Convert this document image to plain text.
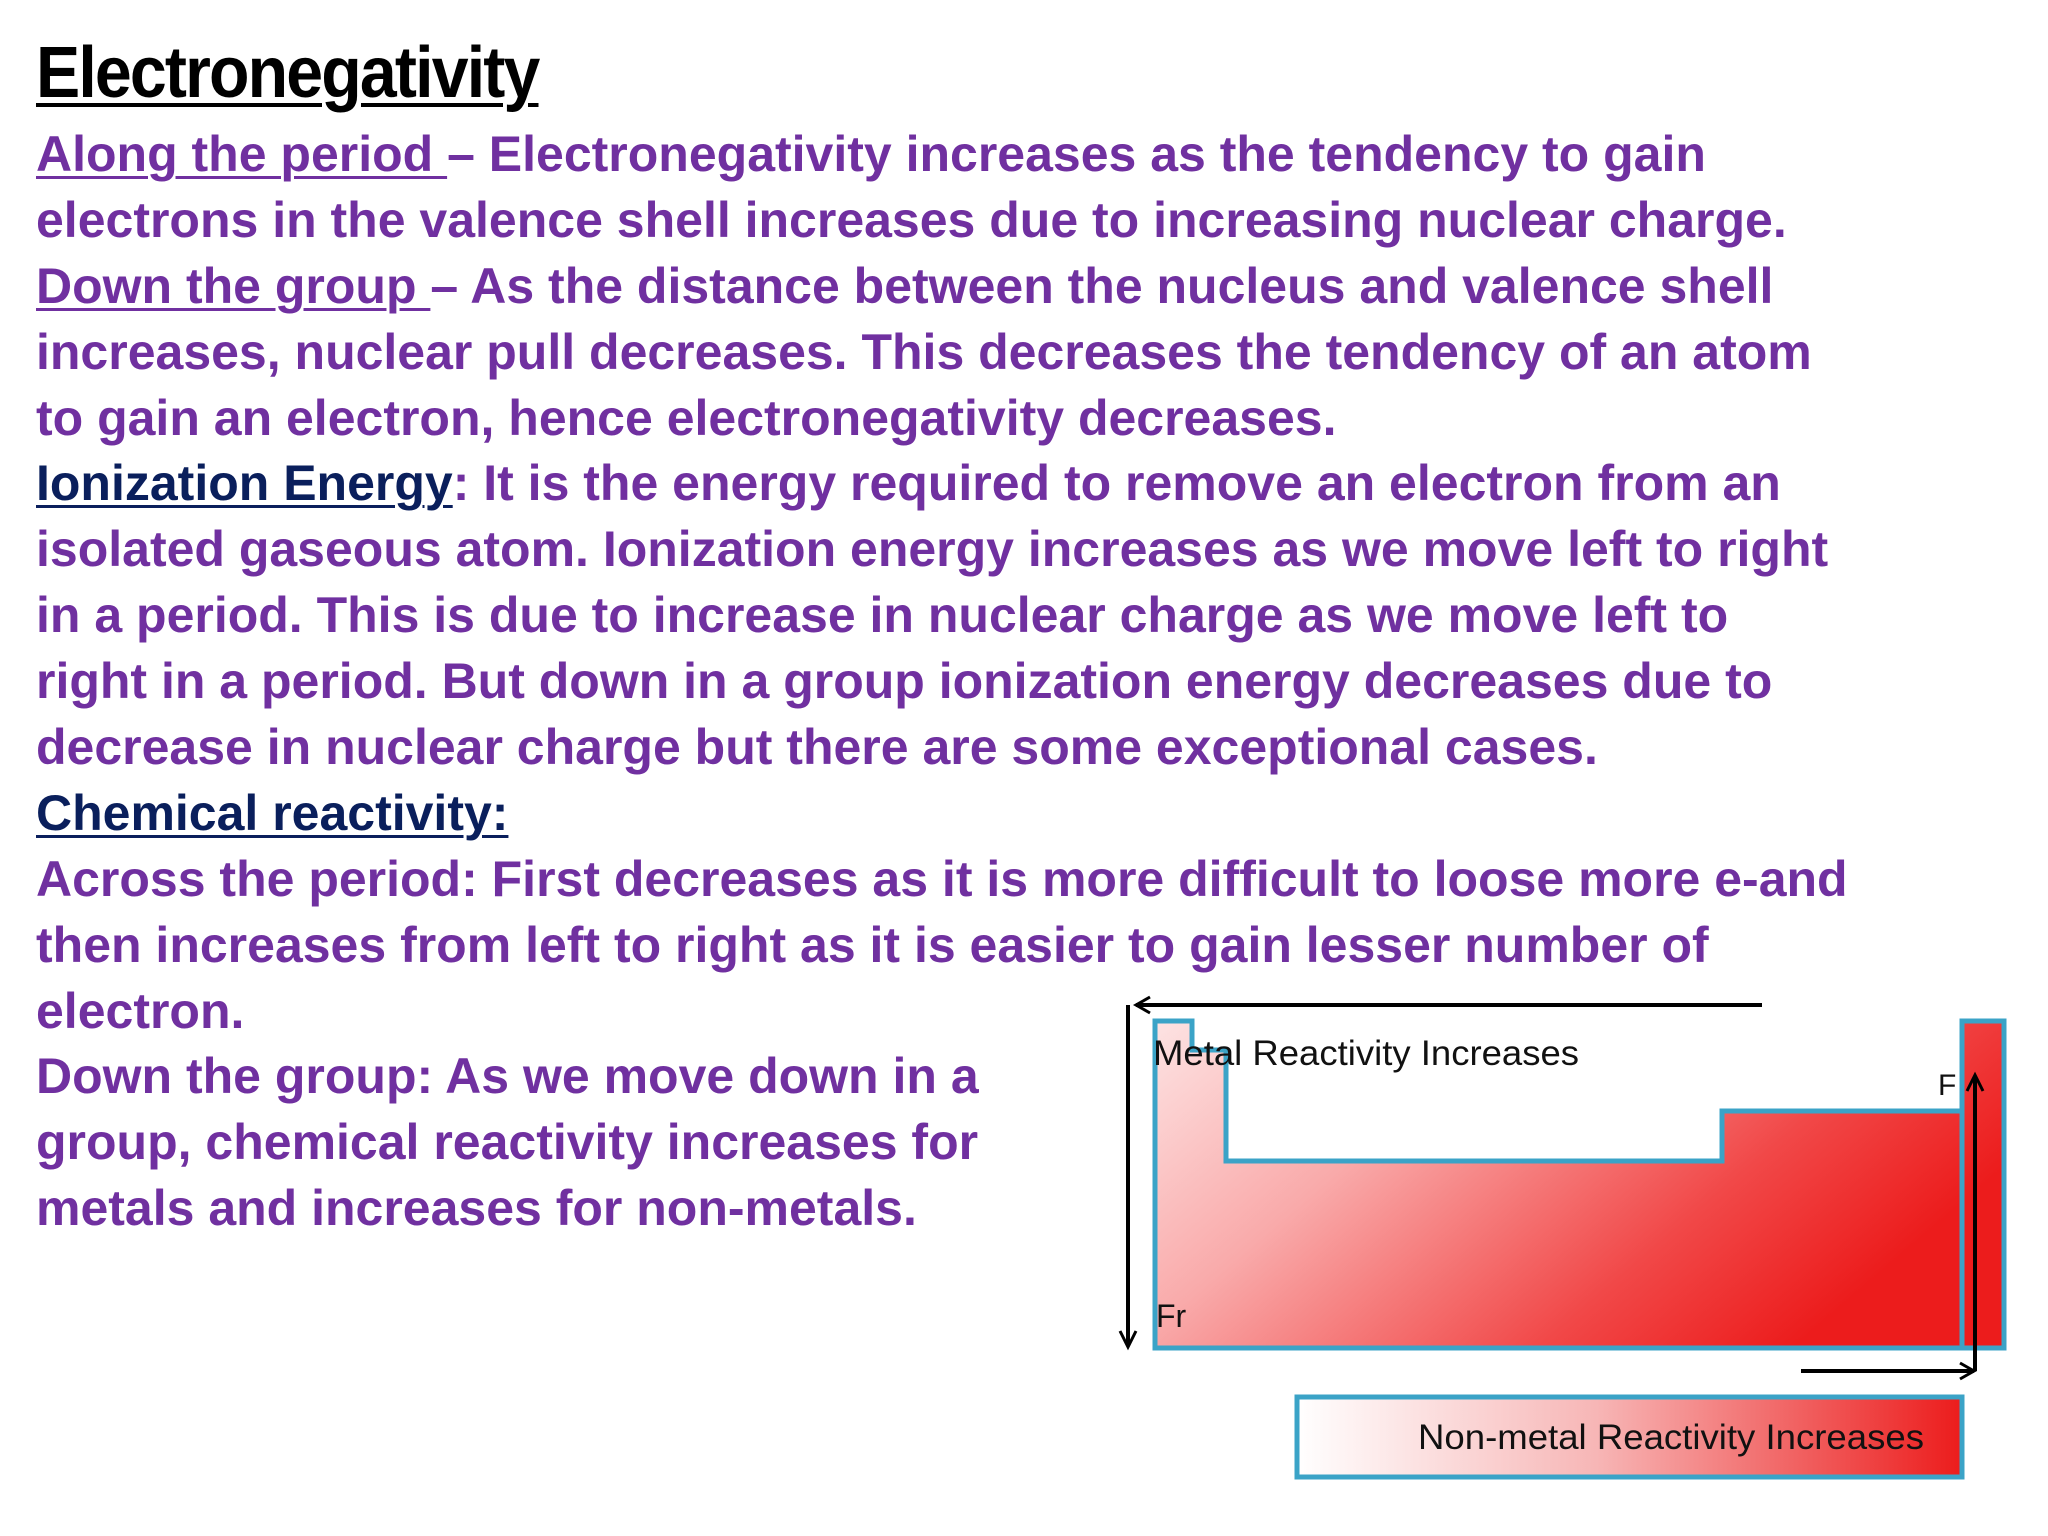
Electronegativity
Along the period – Electronegativity increases as the tendency to gain
electrons in the valence shell increases due to increasing nuclear charge.
Down the group – As the distance between the nucleus and valence shell
increases, nuclear pull decreases. This decreases the tendency of an atom
to gain an electron, hence electronegativity decreases.
Ionization Energy: It is the energy required to remove an electron from an
isolated gaseous atom. Ionization energy increases as we move left to right
in a period. This is due to increase in nuclear charge as we move left to
right in a period. But down in a group ionization energy decreases due to
decrease in nuclear charge but there are some exceptional cases.
Chemical reactivity:
Across the period: First decreases as it is more difficult to loose more e-and
then increases from left to right as it is easier to gain lesser number of
electron.
Down the group: As we move down in a
group, chemical reactivity increases for
metals and increases for non-metals.
Metal Reactivity Increases
Fr
F
Non-metal Reactivity Increases
